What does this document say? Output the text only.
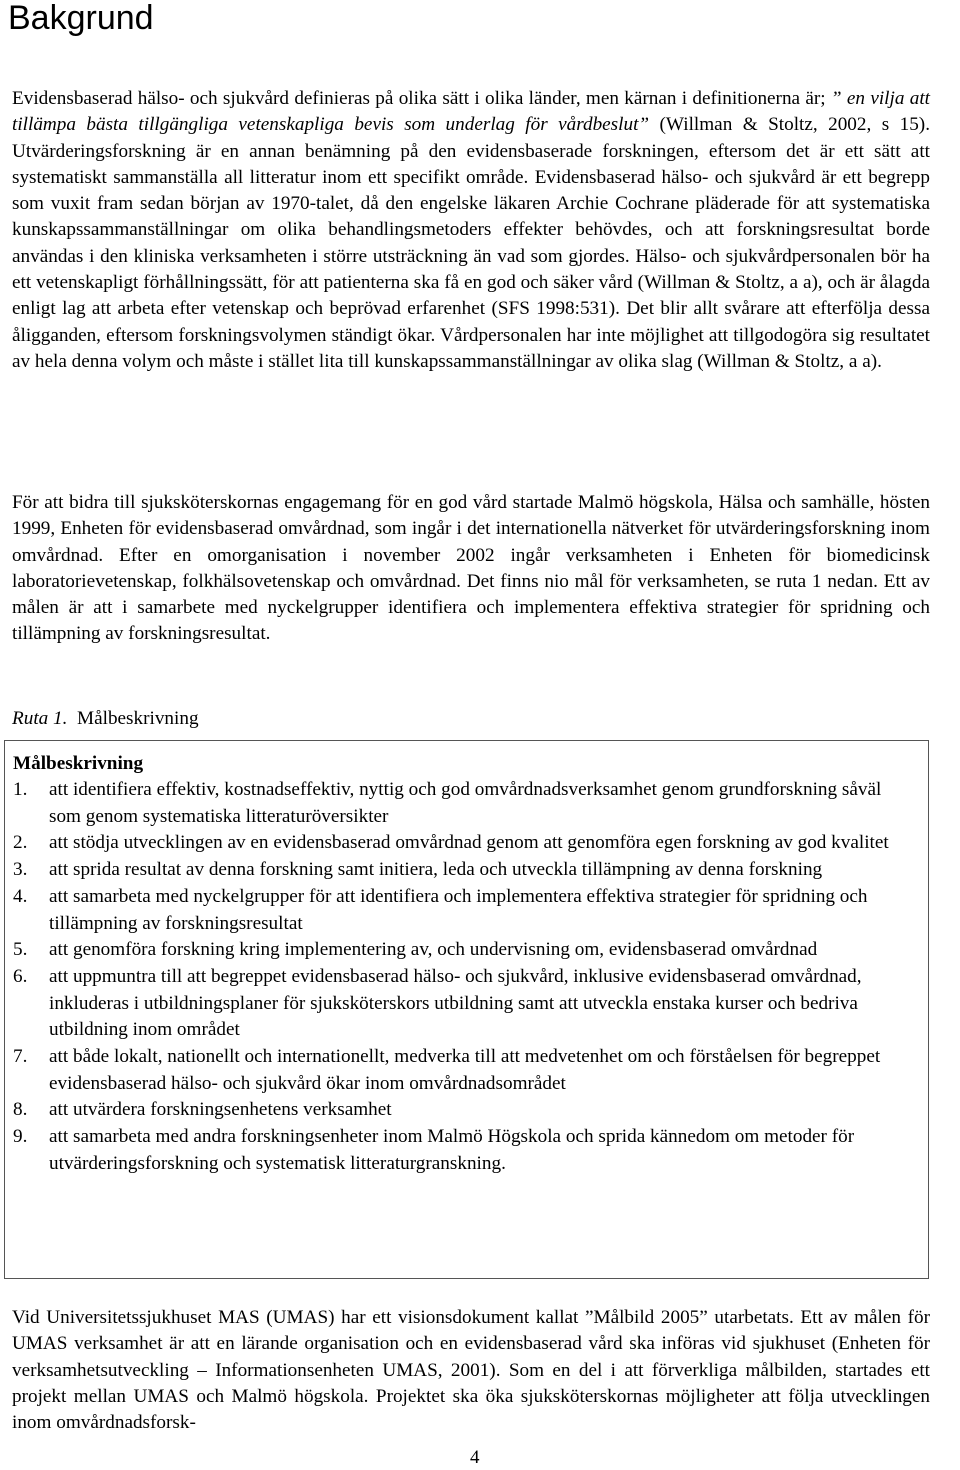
Bakgrund

Evidensbaserad hälso- och sjukvård definieras på olika sätt i olika länder, men kärnan i definitionerna är; ” en vilja att tillämpa bästa tillgängliga vetenskapliga bevis som underlag för vårdbeslut” (Willman & Stoltz, 2002, s 15). Utvärderingsforskning är en annan benämning på den evidensbaserade forskningen, eftersom det är ett sätt att systematiskt sammanställa all litteratur inom ett specifikt område. Evidensbaserad hälso- och sjukvård är ett begrepp som vuxit fram sedan början av 1970-talet, då den engelske läkaren Archie Cochrane pläderade för att systematiska kunskapssammanställningar om olika behandlingsmetoders effekter behövdes, och att forskningsresultat borde användas i den kliniska verksamheten i större utsträckning än vad som gjordes. Hälso- och sjukvårdpersonalen bör ha ett vetenskapligt förhållningssätt, för att patienterna ska få en god och säker vård (Willman & Stoltz, a a), och är ålagda enligt lag att arbeta efter vetenskap och beprövad erfarenhet (SFS 1998:531). Det blir allt svårare att efterfölja dessa åligganden, eftersom forskningsvolymen ständigt ökar. Vårdpersonalen har inte möjlighet att tillgodogöra sig resultatet av hela denna volym och måste i stället lita till kunskapssammanställningar av olika slag (Willman & Stoltz, a a).

För att bidra till sjuksköterskornas engagemang för en god vård startade Malmö högskola, Hälsa och samhälle, hösten 1999, Enheten för evidensbaserad omvårdnad, som ingår i det internationella nätverket för utvärderingsforskning inom omvårdnad. Efter en omorganisation i november 2002 ingår verksamheten i Enheten för biomedicinsk laboratorievetenskap, folkhälsovetenskap och omvårdnad. Det finns nio mål för verksamheten, se ruta 1 nedan. Ett av målen är att i samarbete med nyckelgrupper identifiera och implementera effektiva strategier för spridning och tillämpning av forskningsresultat.

Ruta 1. Målbeskrivning

Målbeskrivning

1. att identifiera effektiv, kostnadseffektiv, nyttig och god omvårdnadsverksamhet genom grundforskning såväl som genom systematiska litteraturöversikter
2. att stödja utvecklingen av en evidensbaserad omvårdnad genom att genomföra egen forskning av god kvalitet
3. att sprida resultat av denna forskning samt initiera, leda och utveckla tillämpning av denna forskning
4. att samarbeta med nyckelgrupper för att identifiera och implementera effektiva strategier för spridning och tillämpning av forskningsresultat
5. att genomföra forskning kring implementering av, och undervisning om, evidensbaserad omvårdnad
6. att uppmuntra till att begreppet evidensbaserad hälso- och sjukvård, inklusive evidensbaserad omvårdnad, inkluderas i utbildningsplaner för sjuksköterskors utbildning samt att utveckla enstaka kurser och bedriva utbildning inom området
7. att både lokalt, nationellt och internationellt, medverka till att medvetenhet om och förståelsen för begreppet evidensbaserad hälso- och sjukvård ökar inom omvårdnadsområdet
8. att utvärdera forskningsenhetens verksamhet
9. att samarbeta med andra forskningsenheter inom Malmö Högskola och sprida kännedom om metoder för utvärderingsforskning och systematisk litteraturgranskning.

Vid Universitetssjukhuset MAS (UMAS) har ett visionsdokument kallat ”Målbild 2005” utarbetats. Ett av målen för UMAS verksamhet är att en lärande organisation och en evidensbaserad vård ska införas vid sjukhuset (Enheten för verksamhetsutveckling – Informationsenheten UMAS, 2001). Som en del i att förverkliga målbilden, startades ett projekt mellan UMAS och Malmö högskola. Projektet ska öka sjuksköterskornas möjligheter att följa utvecklingen inom omvårdnadsforsk-

4
